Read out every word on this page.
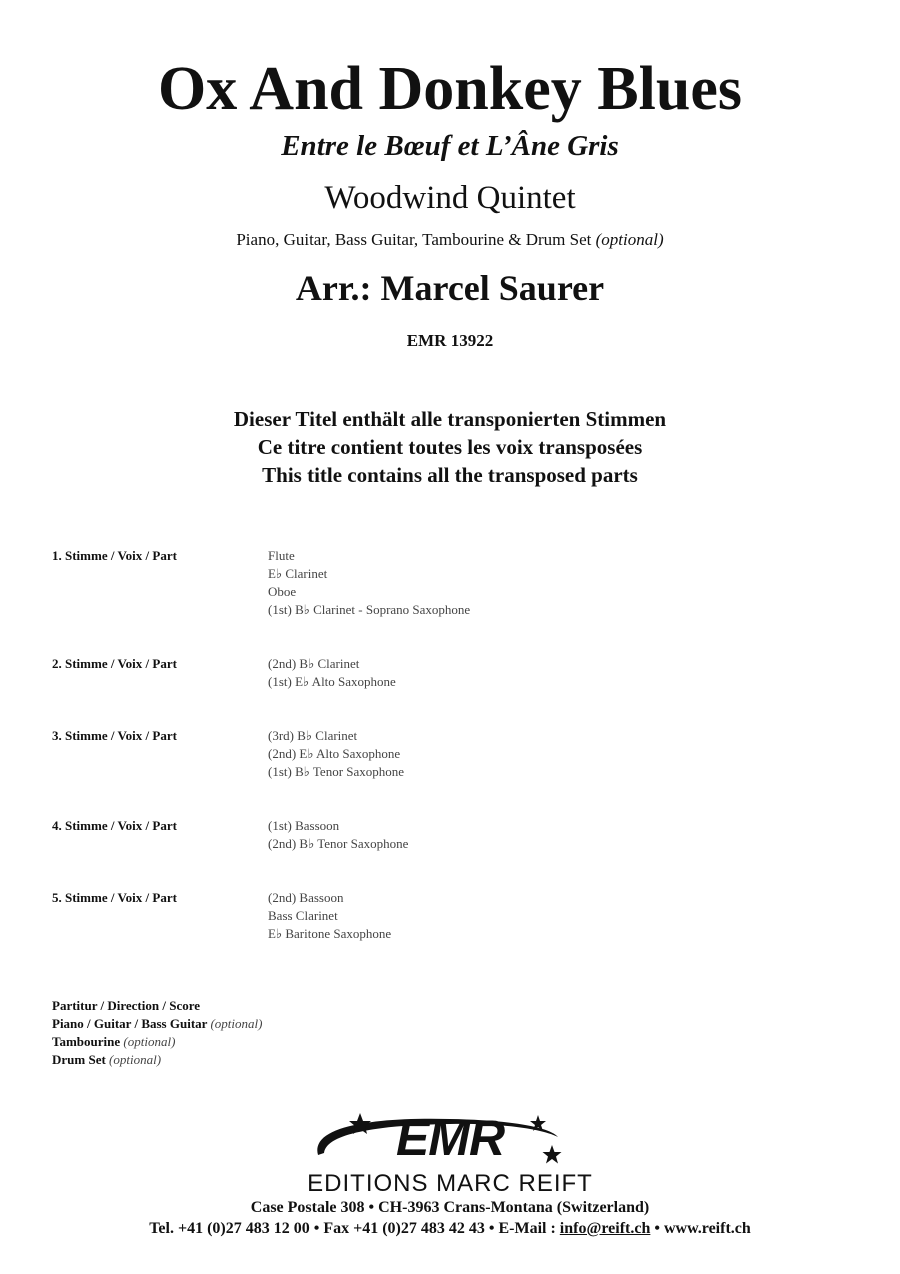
Ox And Donkey Blues
Entre le Bœuf et L’Âne Gris
Woodwind Quintet
Piano, Guitar, Bass Guitar, Tambourine & Drum Set (optional)
Arr.: Marcel Saurer
EMR 13922
Dieser Titel enthält alle transponierten Stimmen
Ce titre contient toutes les voix transposées
This title contains all the transposed parts
1. Stimme / Voix / Part	Flute
E♭ Clarinet
Oboe
(1st) B♭ Clarinet - Soprano Saxophone
2. Stimme / Voix / Part	(2nd) B♭ Clarinet
(1st) E♭ Alto Saxophone
3. Stimme / Voix / Part	(3rd) B♭ Clarinet
(2nd) E♭ Alto Saxophone
(1st) B♭ Tenor Saxophone
4. Stimme / Voix / Part	(1st) Bassoon
(2nd) B♭ Tenor Saxophone
5. Stimme / Voix / Part	(2nd) Bassoon
Bass Clarinet
E♭ Baritone Saxophone
Partitur / Direction / Score
Piano / Guitar / Bass Guitar (optional)
Tambourine (optional)
Drum Set (optional)
EMR
EDITIONS MARC REIFT
Case Postale 308 • CH-3963 Crans-Montana (Switzerland)
Tel. +41 (0)27 483 12 00 • Fax +41 (0)27 483 42 43 • E-Mail : info@reift.ch • www.reift.ch
